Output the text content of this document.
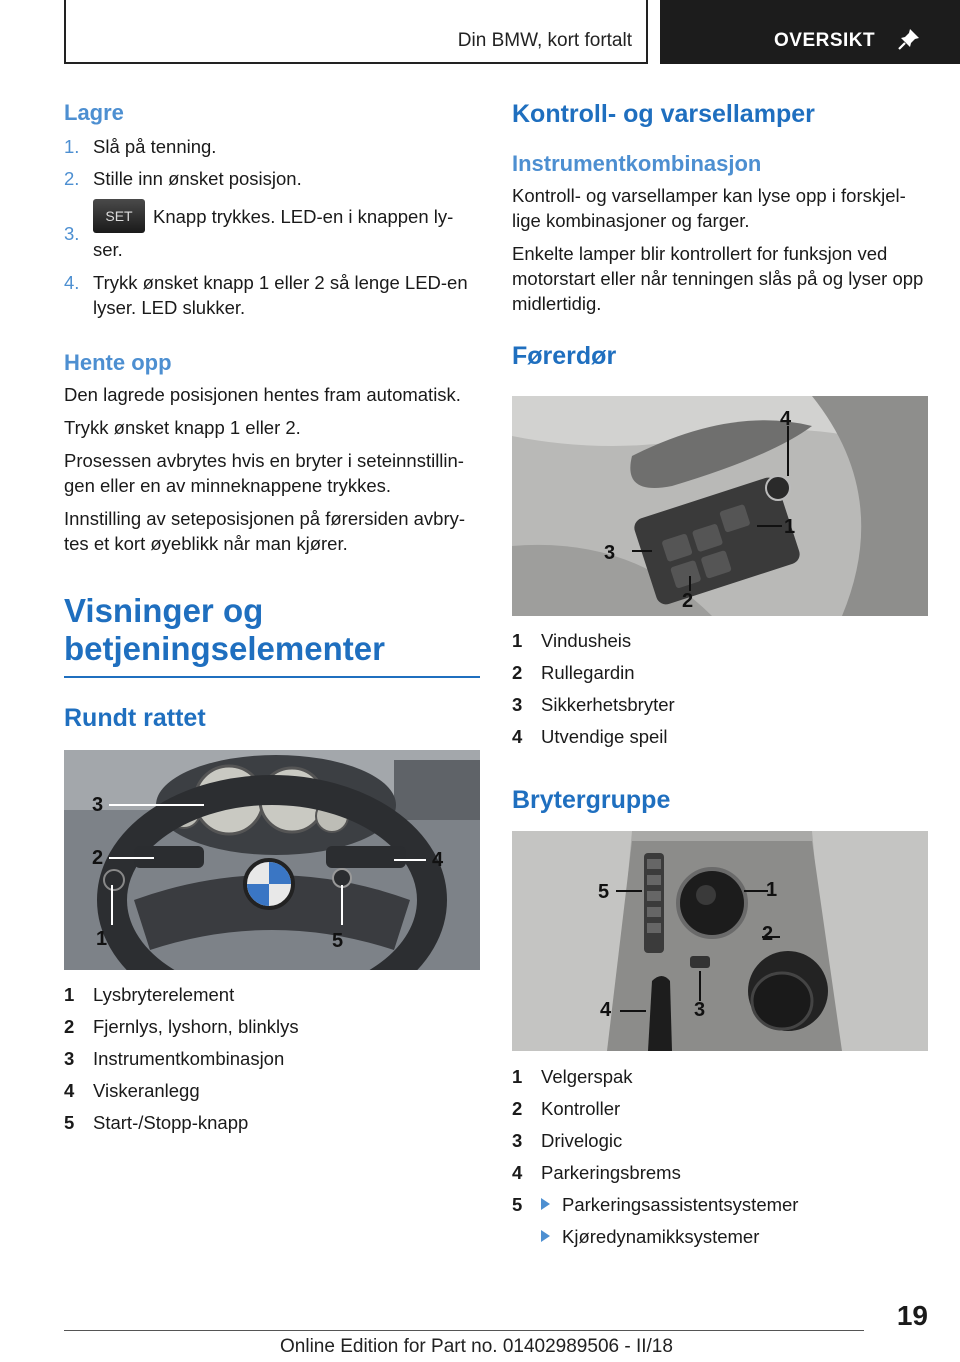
Din BMW, kort fortalt	OVERSIKT
Lagre
1. Slå på tenning.
2. Stille inn ønsket posisjon.
3.
SET Knapp trykkes. LED-en i knappen ly-ser.
4. Trykk ønsket knapp 1 eller 2 så lenge LED-en lyser. LED slukker.
Hente opp

Den lagrede posisjonen hentes fram automatisk.

Trykk ønsket knapp 1 eller 2.

Prosessen avbrytes hvis en bryter i seteinnstillin-gen eller en av minneknappene trykkes.

Innstilling av seteposisjonen på førersiden avbry-tes et kort øyeblikk når man kjører.

Visninger og betjeningselementer
Rundt rattet
3
2	4
1	5
1 Lysbryterelement
2 Fjernlys, lyshorn, blinklys
3 Instrumentkombinasjon
4 Viskeranlegg
5 Start-/Stopp-knapp
Kontroll- og varsellamper
Instrumentkombinasjon

Kontroll- og varsellamper kan lyse opp i forskjel-lige kombinasjoner og farger.

Enkelte lamper blir kontrollert for funksjon ved motorstart eller når tenningen slås på og lyser opp midlertidig.

Førerdør
4
1
3
2
1 Vindusheis
2 Rullegardin
3 Sikkerhetsbryter
4 Utvendige speil
Brytergruppe
5	1
2
4	3
1 Velgerspak
2 Kontroller
3 Drivelogic
4 Parkeringsbrems
5 Parkeringsassistentsystemer
Kjøredynamikksystemer
19
Online Edition for Part no. 01402989506 - II/18
